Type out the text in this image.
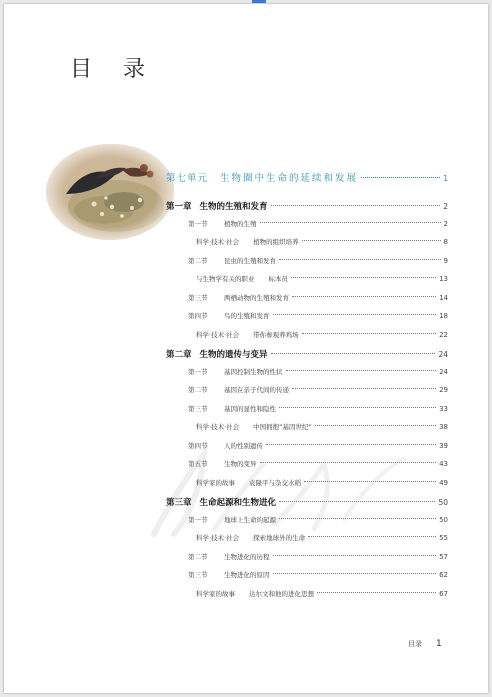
目 录
第七单元 生物圈中生命的延续和发展	1
第一章 生物的生殖和发育	2
第一节	植物的生殖	2
科学·技术·社会 植物的组织培养	8
第二节	昆虫的生殖和发育	9
与生物学有关的职业 标本员	13
第三节	两栖动物的生殖和发育	14
第四节	鸟的生殖和发育	18
科学·技术·社会 带你参观养鸡场	22
第二章 生物的遗传与变异	24
第一节	基因控制生物的性状	24
第二节	基因在亲子代间的传递	29
第三节	基因的显性和隐性	33
科学·技术·社会 中国拥抱“基因世纪”	38
第四节	人的性别遗传	39
第五节	生物的变异	43
科学家的故事 袁隆平与杂交水稻	49
第三章 生命起源和生物进化	50
第一节	地球上生命的起源	50
科学·技术·社会 探索地球外的生命	55
第二节	生物进化的历程	57
第三节	生物进化的原因	62
科学家的故事 达尔文和他的进化思想	67
目录 1
